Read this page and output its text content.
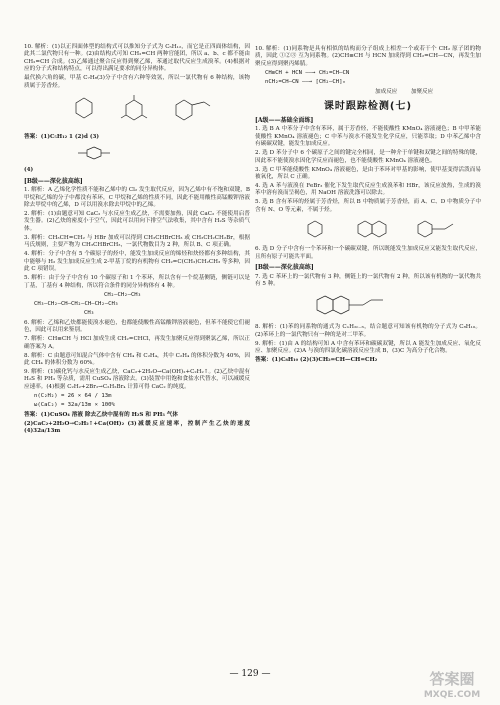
10. 解析：(1)以正四面体型的结构式可以推知分子式为 C₅H₁₂，而它是正四面体结构，因此其二氯代物只有一种。(2)由结构式可知 CH₂=CH 两种官能团，所以 a、b、c 都不能由 CH₂=CH 合成。(3)乙烯通过聚合反应得到聚乙烯，苯通过取代反应生成溴苯。(4)根据对应的分子式和结构特点，可以得出满足要求的同分异构体。

最代换六角的碳，甲基 C₇H₈(3)分子中含有六种等效氢，所以一氯代物有 6 种结构，该物质属于芳香烃。

答案：(1)C₅H₁₂ 1 (2)d (3)

(4)

[B级——深化拔高练]

1. 解析：A 乙烯化学性质不能和乙烯中的 Cl₂ 发生取代反应，因为乙烯中有不饱和双键，B 甲烷和乙烯的分子中都没有苯环，C 甲烷和乙烯的性质不同，因此不能用酸性高锰酸钾溶液除去甲烷中的乙烯，D 可以用溴水除去甲烷中的乙烯。

2. 解析：(1)由题意可知 CaC₂ 与水反应生成乙炔，不需要加热，因此 CaC₂ 不能使用启普发生器。(2)乙炔的密度小于空气，因此可以用向下排空气法收集，其中含有 H₂S 等杂质气体。

3. 解析：CH₃CH=CH₂ 与 HBr 加成可以得到 CH₃CHBrCH₃ 或 CH₃CH₂CH₂Br，根据马氏规则，主要产物为 CH₃CHBrCH₃，一氯代物数目为 2 种，所以 B、C 项正确。

4. 解析：分子中含有 5 个碳原子的烃中，能发生加成反应的烯烃和炔烃都有多种结构，其中能够与 H₂ 发生加成反应生成 2-甲基丁烷的有机物有 CH₂=C(CH₃)CH₂CH₃ 等多种，因此 C 项错误。

5. 解析：由于分子中含有 10 个碳原子和 1 个苯环，所以含有一个烷基侧链，侧链可以是丁基，丁基有 4 种结构，所以符合条件的同分异构体有 4 种。

CH₂—CH₂—CH₃
CH₃—CH₂—CH—CH₂—CH—CH₂—CH₃
CH₃

6. 解析：乙烯和乙炔都能使溴水褪色，也都能使酸性高锰酸钾溶液褪色，但苯不能使它们褪色，因此可以用来鉴别。

7. 解析：CH≡CH 与 HCl 加成生成 CH₂=CHCl，再发生加聚反应得到聚氯乙烯，所以正确答案为 A。

8. 解析：C 由题意可知混合气体中含有 CH₄ 和 C₂H₄，其中 C₂H₄ 的体积分数为 40%，因此 CH₄ 的体积分数为 60%。

9. 解析：(1)碳化钙与水反应生成乙炔，CaC₂+2H₂O→Ca(OH)₂+C₂H₂↑。(2)乙炔中混有 H₂S 和 PH₃ 等杂质，需用 CuSO₄ 溶液除去。(3)装置中用饱和食盐水代替水，可以减缓反应速率。(4)根据 C₂H₂+2Br₂→C₂H₂Br₄ 计算可得 CaC₂ 的纯度。

n(C₂H₂) = 26 × 64 / 13m
ω(CaC₂) = 32a/13m × 100%

答案：(1)CuSO₄ 溶液 除去乙炔中混有的 H₂S 和 PH₃ 气体

(2)CaC₂+2H₂O→C₂H₂↑+Ca(OH)₂ (3)减缓反应速率，控制产生乙炔的速度 (4)32a/13m

10. 解析：(1)同系物是具有相似的结构而分子组成上相差一个或若干个 CH₂ 原子团的物质，因此 ①②③ 互为同系物。(2)CH≡CH 与 HCN 加成得到 CH₂=CH—CN，再发生加聚反应得到聚丙烯腈。

CH≡CH + HCN ——→ CH₂=CH—CN
nCH₂=CH—CN ——→ [CH₂—CH]ₙ
加成反应    加聚反应
课时跟踪检测(七)
[A级——基础全面练]

1. 选 B A 中苯分子中含有苯环，属于芳香烃，不能使酸性 KMnO₄ 溶液褪色；B 中甲苯能使酸性 KMnO₄ 溶液褪色；C 中苯与溴水不能发生化学反应，只能萃取；D 中苯乙烯中含有碳碳双键，能发生加成反应。

2. 选 D 苯分子中 6 个碳原子之间的键完全相同，是一种介于单键和双键之间的特殊的键，因此苯不能使溴水因化学反应而褪色，也不能使酸性 KMnO₄ 溶液褪色。

3. 选 C 甲苯能使酸性 KMnO₄ 溶液褪色，是由于苯环对甲基的影响，使甲基变得活泼而易被氧化，所以 C 正确。

4. 选 A 苯与液溴在 FeBr₃ 催化下发生取代反应生成溴苯和 HBr，该反应放热，生成的溴苯中溶有溴而呈褐色，用 NaOH 溶液洗涤可以除去。

5. 选 B 含有苯环的烃属于芳香烃，所以 B 中物质属于芳香烃，而 A、C、D 中物质分子中含有 N、O 等元素，不属于烃。

6. 选 D 分子中含有一个苯环和一个碳碳双键，所以既能发生加成反应又能发生取代反应，且所有原子可能共平面。

[B级——深化拔高练]

7. 选 C 苯环上的一氯代物有 3 种，侧链上的一氯代物有 2 种，所以该有机物的一氯代物共有 5 种。

8. 解析：(1)苯的同系物的通式为 CₙH₂ₙ₋₆，结合题意可知该有机物的分子式为 C₈H₁₀。(2)苯环上的一氯代物只有一种的是对二甲苯。

9. 解析：(1)由 A 的结构可知 A 中含有苯环和碳碳双键，所以 A 能发生加成反应、氧化反应、加聚反应。(2)A 与溴的四氯化碳溶液反应生成 B，(3)C 为高分子化合物。

答案：(1)C₈H₁₀ (2)(3)CH₂=CH—CH=CH₂

— 129 —	答案圈
MXQE.COM
